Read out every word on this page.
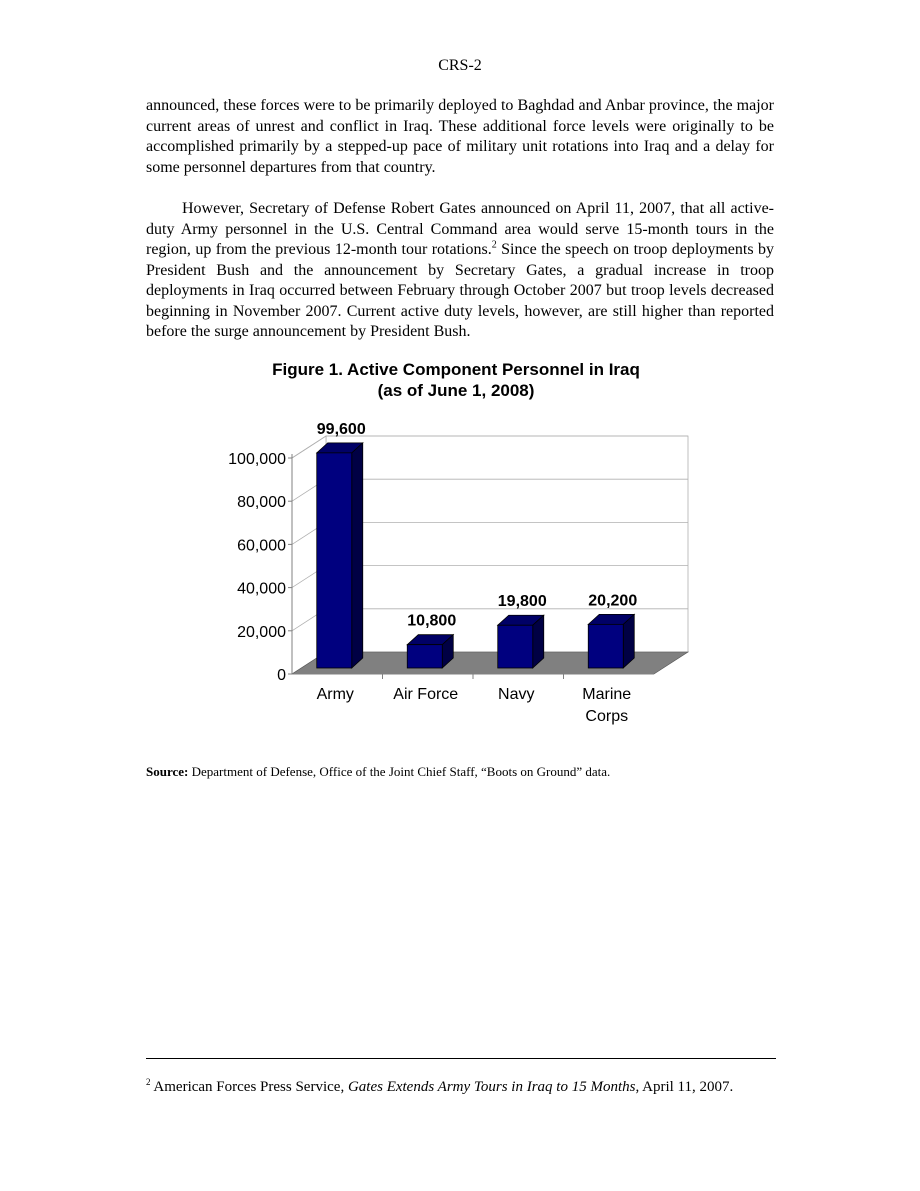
CRS-2

announced, these forces were to be primarily deployed to Baghdad and Anbar province, the major current areas of unrest and conflict in Iraq. These additional force levels were originally to be accomplished primarily by a stepped-up pace of military unit rotations into Iraq and a delay for some personnel departures from that country.

However, Secretary of Defense Robert Gates announced on April 11, 2007, that all active-duty Army personnel in the U.S. Central Command area would serve 15-month tours in the region, up from the previous 12-month tour rotations.$^2$ Since the speech on troop deployments by President Bush and the announcement by Secretary Gates, a gradual increase in troop deployments in Iraq occurred between February through October 2007 but troop levels decreased beginning in November 2007. Current active duty levels, however, are still higher than reported before the surge announcement by President Bush.

Figure 1. Active Component Personnel in Iraq
(as of June 1, 2008)
0
20,000
40,000
60,000
80,000
100,000
99,600
Army
10,800
Air Force
19,800
Navy
20,200
Marine
Corps
Source: Department of Defense, Office of the Joint Chief Staff, “Boots on Ground” data.

$^2$ American Forces Press Service, Gates Extends Army Tours in Iraq to 15 Months, April 11, 2007.
